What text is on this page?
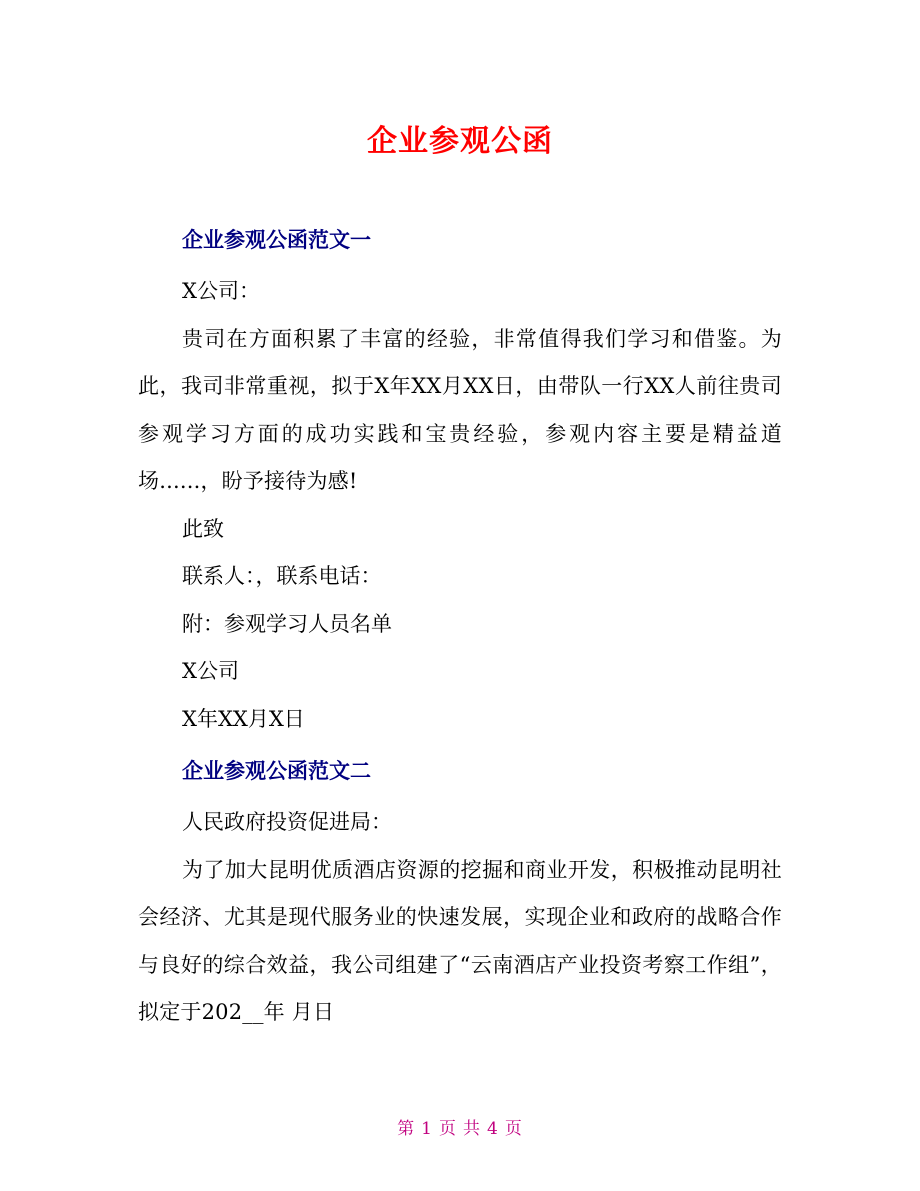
企业参观公函
企业参观公函范文一
X公司：

贵司在方面积累了丰富的经验，非常值得我们学习和借鉴。为此，我司非常重视，拟于X年XX月XX日，由带队一行XX人前往贵司参观学习方面的成功实践和宝贵经验，参观内容主要是精益道场......，盼予接待为感!

此致
联系人：，联系电话：
附：参观学习人员名单
X公司
X年XX月X日
企业参观公函范文二
人民政府投资促进局：

为了加大昆明优质酒店资源的挖掘和商业开发，积极推动昆明社会经济、尤其是现代服务业的快速发展，实现企业和政府的战略合作与良好的综合效益，我公司组建了“云南酒店产业投资考察工作组”，拟定于202__年 月日

第 1 页 共 4 页
